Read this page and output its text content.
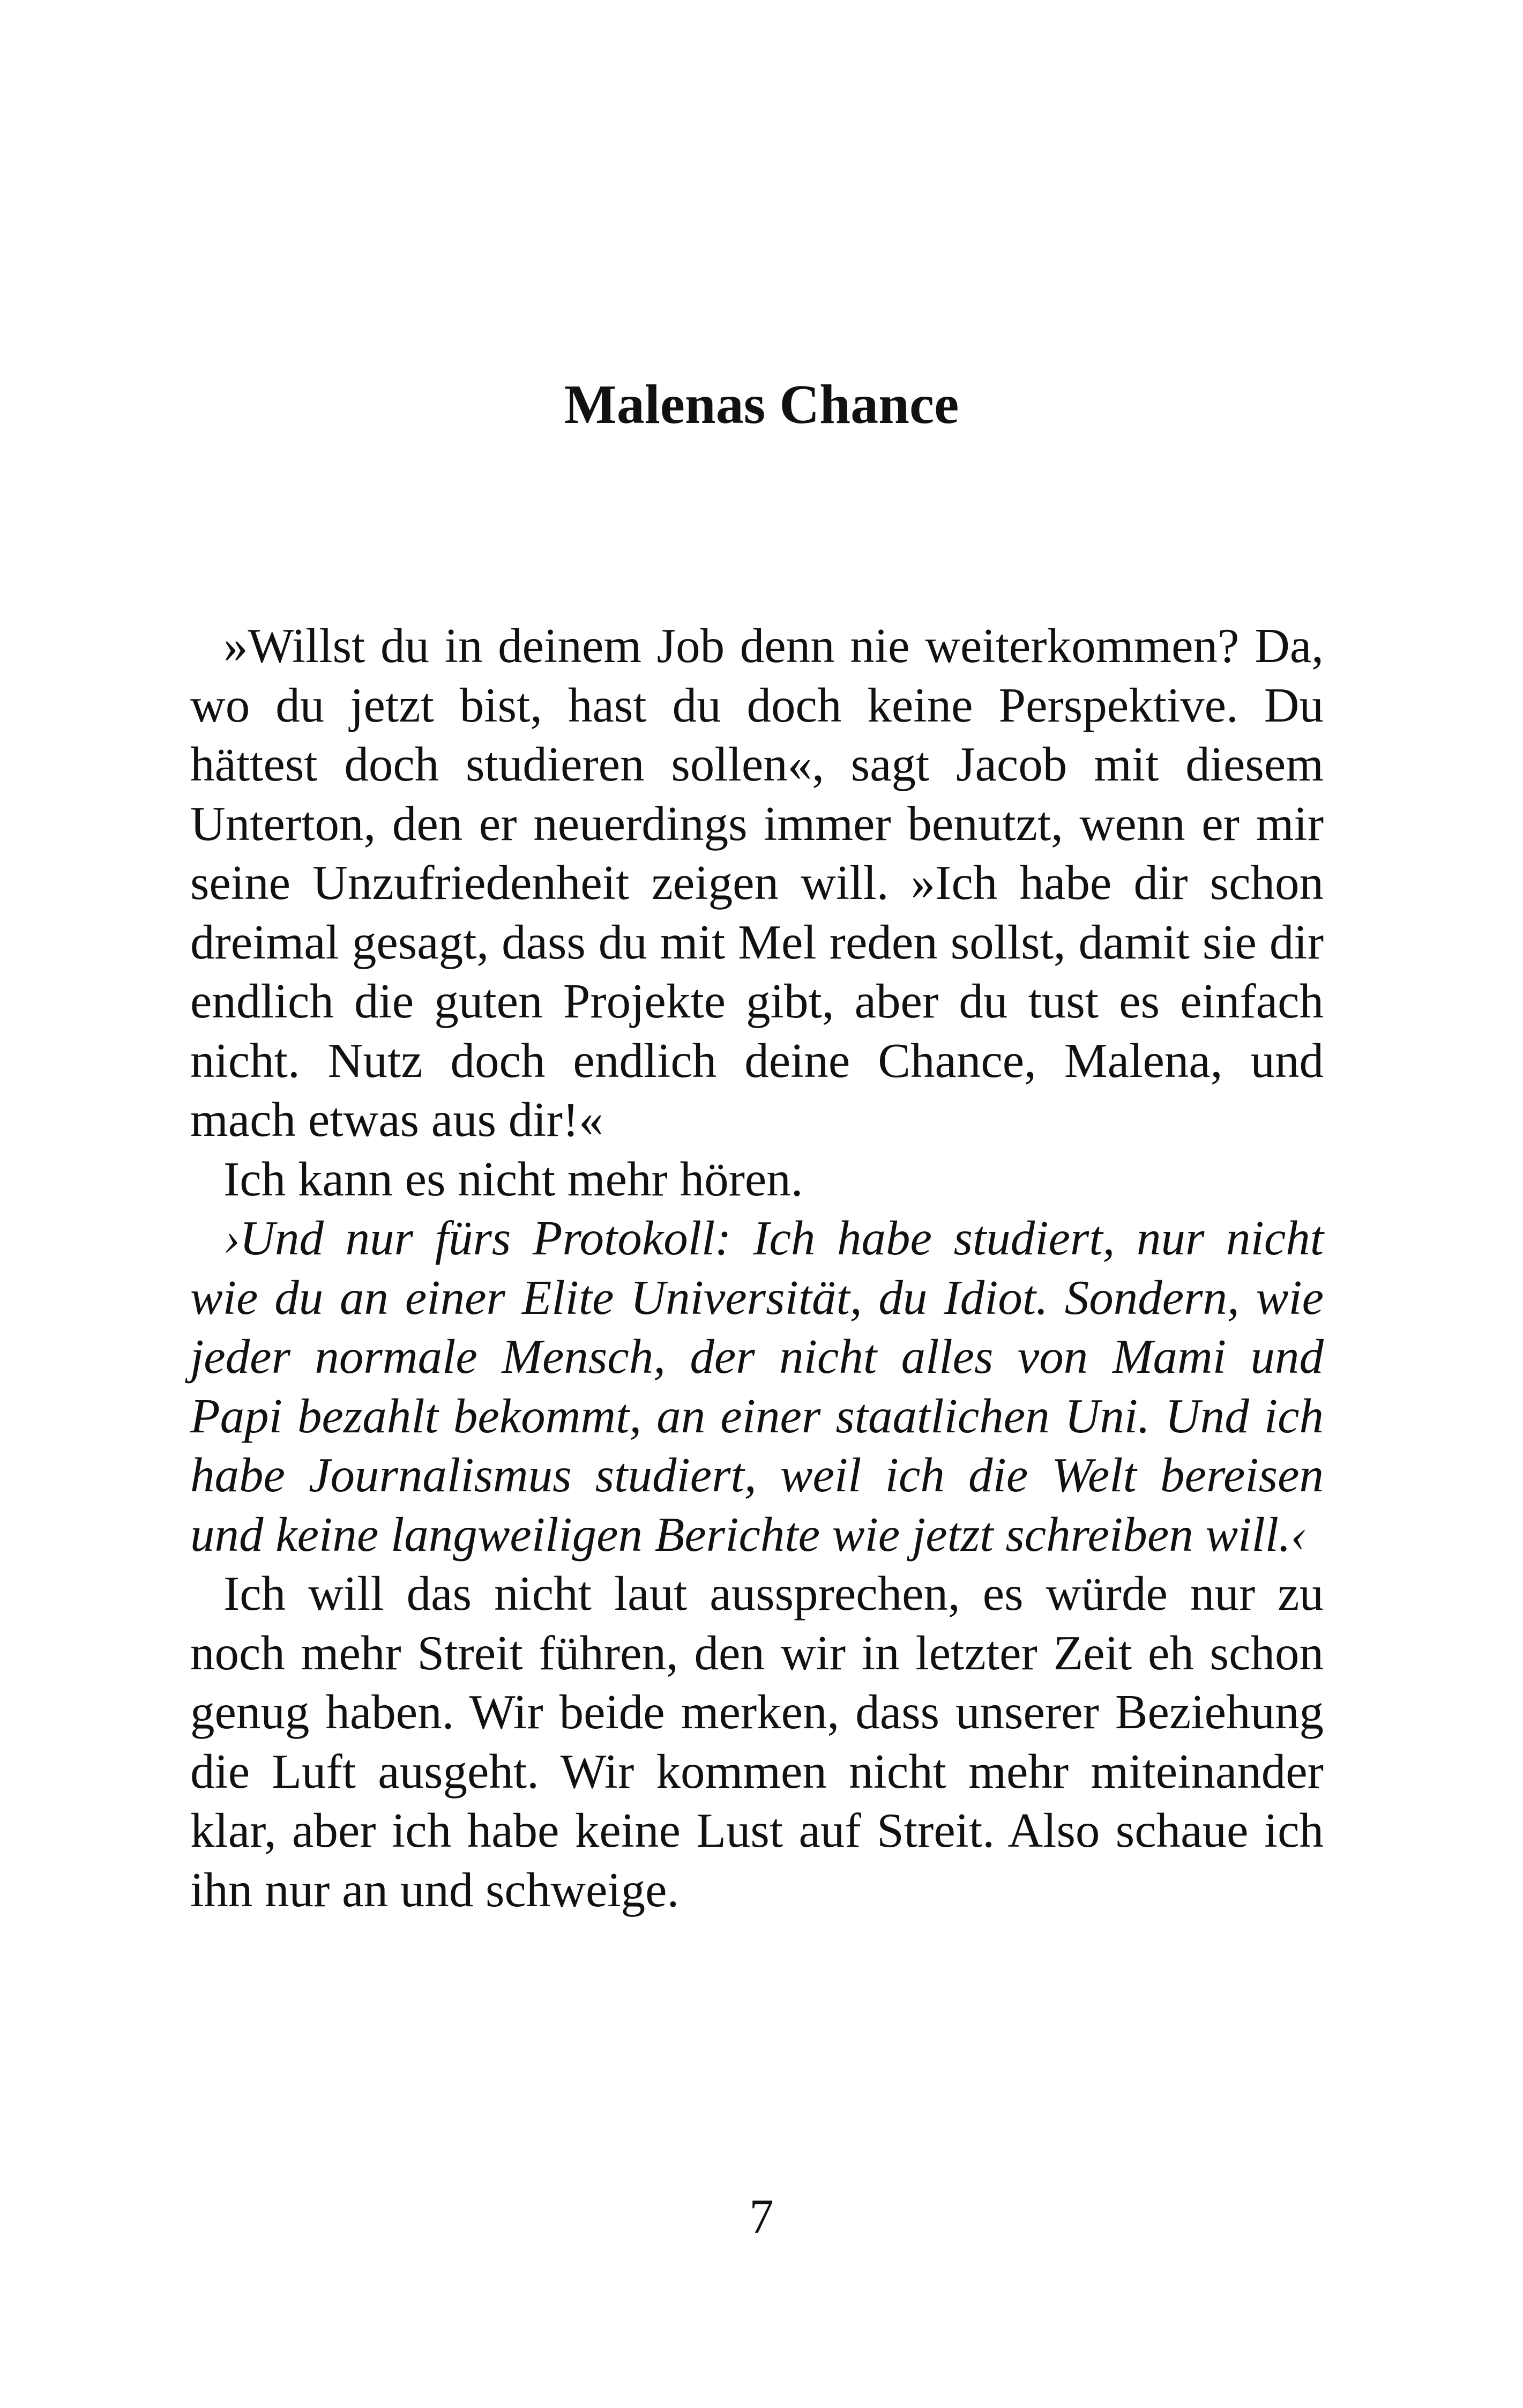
Malenas Chance

»Willst du in deinem Job denn nie weiterkommen? Da, wo du jetzt bist, hast du doch keine Perspektive. Du hättest doch studieren sollen«, sagt Jacob mit diesem Unterton, den er neuerdings immer benutzt, wenn er mir seine Unzufriedenheit zeigen will. »Ich habe dir schon dreimal gesagt, dass du mit Mel reden sollst, damit sie dir endlich die guten Projekte gibt, aber du tust es einfach nicht. Nutz doch endlich deine Chance, Malena, und mach etwas aus dir!«

Ich kann es nicht mehr hören.

›Und nur fürs Protokoll: Ich habe studiert, nur nicht wie du an einer Elite Universität, du Idiot. Sondern, wie jeder normale Mensch, der nicht alles von Mami und Papi bezahlt bekommt, an einer staatlichen Uni. Und ich habe Journalismus studiert, weil ich die Welt bereisen und keine langweiligen Berichte wie jetzt schreiben will.‹

Ich will das nicht laut aussprechen, es würde nur zu noch mehr Streit führen, den wir in letzter Zeit eh schon genug haben. Wir beide merken, dass unserer Beziehung die Luft ausgeht. Wir kommen nicht mehr miteinander klar, aber ich habe keine Lust auf Streit. Also schaue ich ihn nur an und schweige.

7
